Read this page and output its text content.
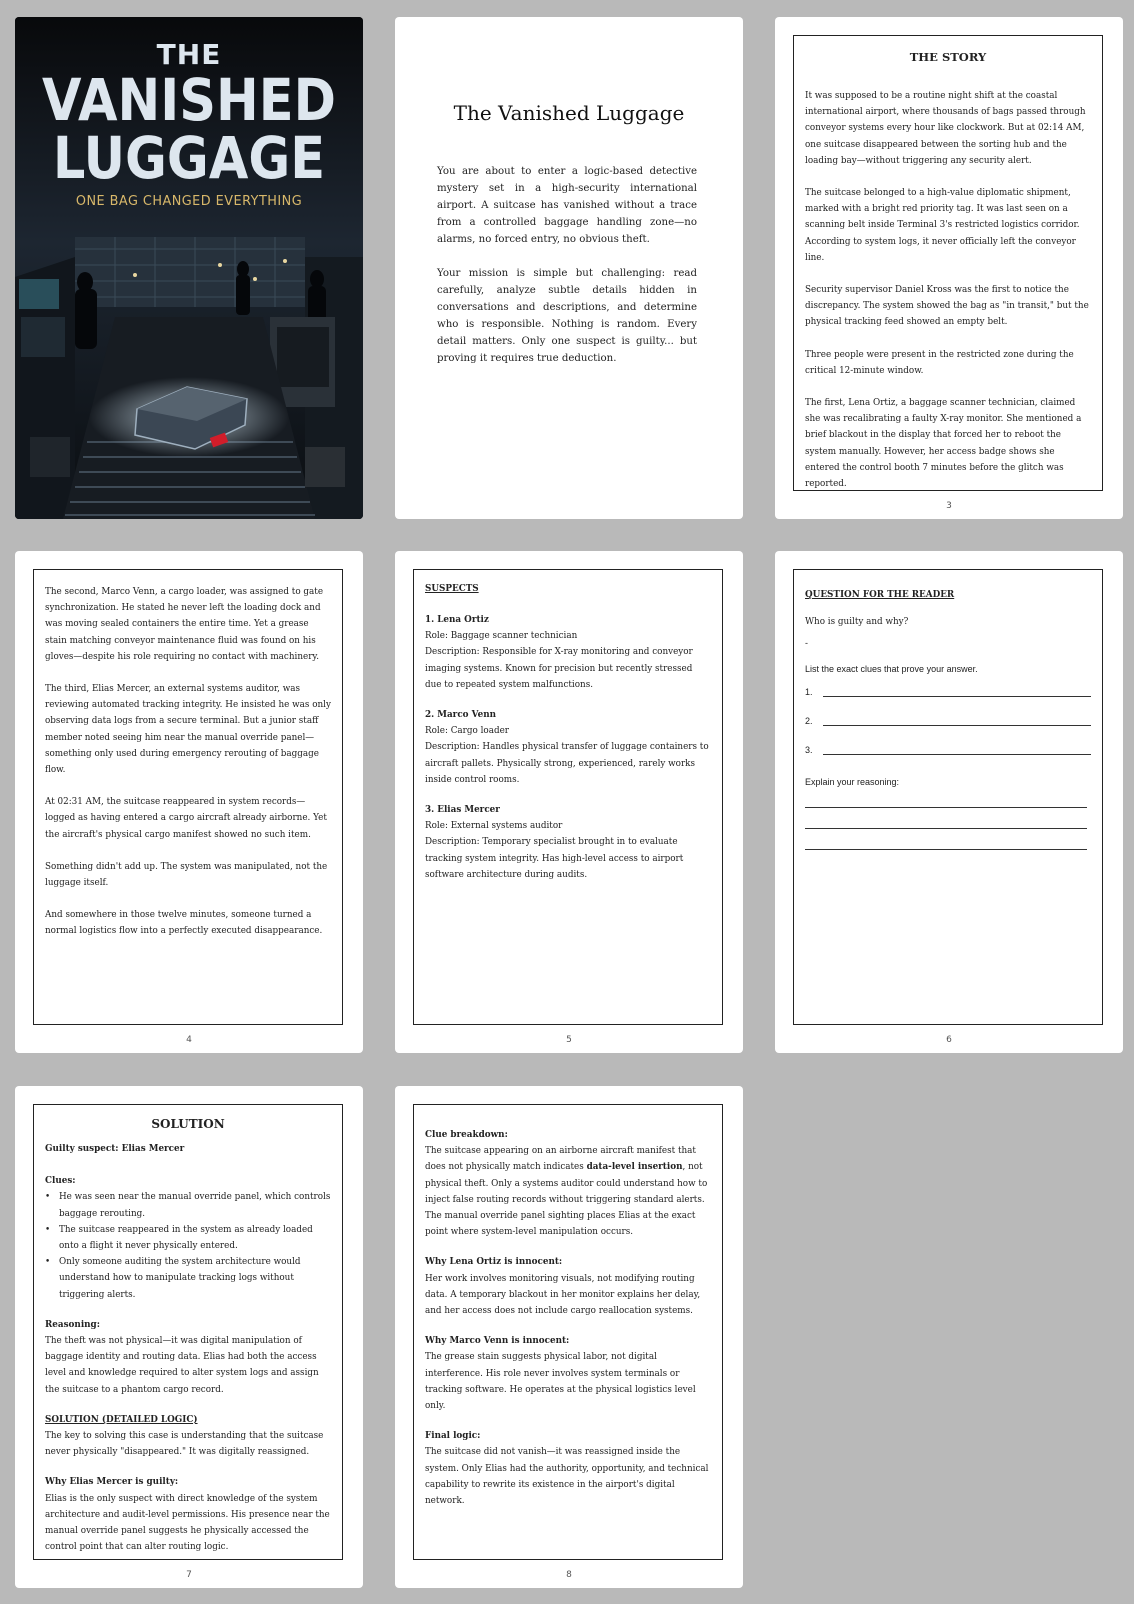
THE
VANISHED
LUGGAGE
ONE BAG CHANGED EVERYTHING
The Vanished Luggage

You are about to enter a logic-based detective mystery set in a high-security international airport. A suitcase has vanished without a trace from a controlled baggage handling zone—no alarms, no forced entry, no obvious theft.

Your mission is simple but challenging: read carefully, analyze subtle details hidden in conversations and descriptions, and determine who is responsible. Nothing is random. Every detail matters. Only one suspect is guilty... but proving it requires true deduction.

THE STORY

It was supposed to be a routine night shift at the coastal international airport, where thousands of bags passed through conveyor systems every hour like clockwork. But at 02:14 AM, one suitcase disappeared between the sorting hub and the loading bay—without triggering any security alert.

The suitcase belonged to a high-value diplomatic shipment, marked with a bright red priority tag. It was last seen on a scanning belt inside Terminal 3's restricted logistics corridor. According to system logs, it never officially left the conveyor line.

Security supervisor Daniel Kross was the first to notice the discrepancy. The system showed the bag as "in transit," but the physical tracking feed showed an empty belt.

Three people were present in the restricted zone during the critical 12-minute window.

The first, Lena Ortiz, a baggage scanner technician, claimed she was recalibrating a faulty X-ray monitor. She mentioned a brief blackout in the display that forced her to reboot the system manually. However, her access badge shows she entered the control booth 7 minutes before the glitch was reported.

3

The second, Marco Venn, a cargo loader, was assigned to gate synchronization. He stated he never left the loading dock and was moving sealed containers the entire time. Yet a grease stain matching conveyor maintenance fluid was found on his gloves—despite his role requiring no contact with machinery.

The third, Elias Mercer, an external systems auditor, was reviewing automated tracking integrity. He insisted he was only observing data logs from a secure terminal. But a junior staff member noted seeing him near the manual override panel—something only used during emergency rerouting of baggage flow.

At 02:31 AM, the suitcase reappeared in system records—logged as having entered a cargo aircraft already airborne. Yet the aircraft's physical cargo manifest showed no such item.

Something didn't add up. The system was manipulated, not the luggage itself.

And somewhere in those twelve minutes, someone turned a normal logistics flow into a perfectly executed disappearance.

4
SUSPECTS
1. Lena Ortiz
Role: Baggage scanner technician
Description: Responsible for X-ray monitoring and conveyor imaging systems. Known for precision but recently stressed due to repeated system malfunctions.
2. Marco Venn
Role: Cargo loader
Description: Handles physical transfer of luggage containers to aircraft pallets. Physically strong, experienced, rarely works inside control rooms.
3. Elias Mercer
Role: External systems auditor
Description: Temporary specialist brought in to evaluate tracking system integrity. Has high-level access to airport software architecture during audits.
5
QUESTION FOR THE READER
Who is guilty and why?
-
List the exact clues that prove your answer.
1.
2.
3.
Explain your reasoning:
6
SOLUTION
Guilty suspect: Elias Mercer
Clues:
• He was seen near the manual override panel, which controls baggage rerouting.
• The suitcase reappeared in the system as already loaded onto a flight it never physically entered.
• Only someone auditing the system architecture would understand how to manipulate tracking logs without triggering alerts.
Reasoning:
The theft was not physical—it was digital manipulation of baggage identity and routing data. Elias had both the access level and knowledge required to alter system logs and assign the suitcase to a phantom cargo record.
SOLUTION (DETAILED LOGIC)
The key to solving this case is understanding that the suitcase never physically "disappeared." It was digitally reassigned.
Why Elias Mercer is guilty:
Elias is the only suspect with direct knowledge of the system architecture and audit-level permissions. His presence near the manual override panel suggests he physically accessed the control point that can alter routing logic.
7
Clue breakdown:
The suitcase appearing on an airborne aircraft manifest that does not physically match indicates data-level insertion, not physical theft. Only a systems auditor could understand how to inject false routing records without triggering standard alerts.
The manual override panel sighting places Elias at the exact point where system-level manipulation occurs.
Why Lena Ortiz is innocent:
Her work involves monitoring visuals, not modifying routing data. A temporary blackout in her monitor explains her delay, and her access does not include cargo reallocation systems.
Why Marco Venn is innocent:
The grease stain suggests physical labor, not digital interference. His role never involves system terminals or tracking software. He operates at the physical logistics level only.
Final logic:
The suitcase did not vanish—it was reassigned inside the system. Only Elias had the authority, opportunity, and technical capability to rewrite its existence in the airport's digital network.
8
